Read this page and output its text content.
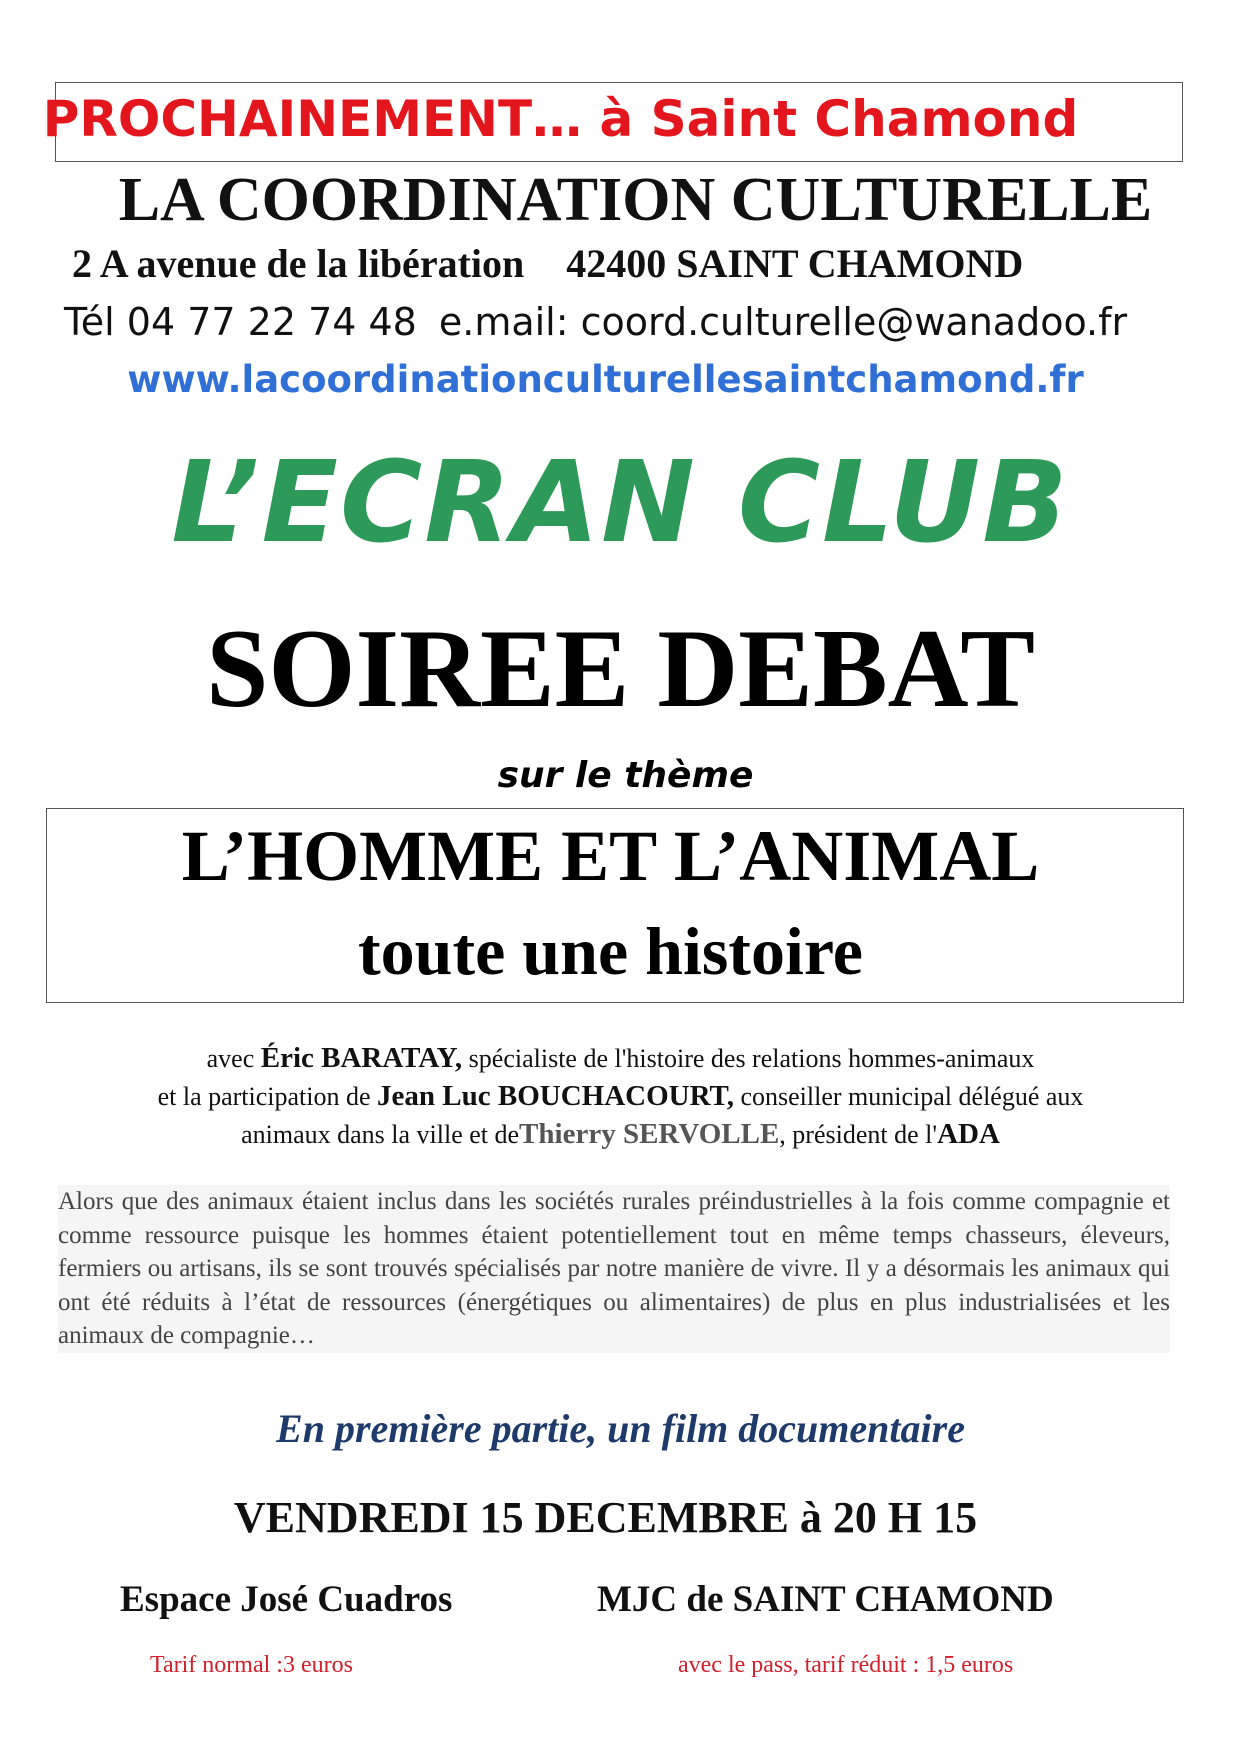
PROCHAINEMENT… à Saint Chamond

LA COORDINATION CULTURELLE

2 A avenue de la libération 42400 SAINT CHAMOND

Tél 04 77 22 74 48 e.mail: coord.culturelle@wanadoo.fr

www.lacoordinationculturellesaintchamond.fr

L’ECRAN CLUB

SOIREE DEBAT

sur le thème

L’HOMME ET L’ANIMAL

toute une histoire

avec Éric BARATAY, spécialiste de l'histoire des relations hommes-animaux

et la participation de Jean Luc BOUCHACOURT, conseiller municipal délégué aux

animaux dans la ville et deThierry SERVOLLE, président de l'ADA

Alors que des animaux étaient inclus dans les sociétés rurales préindustrielles à la fois comme compagnie et comme ressource puisque les hommes étaient potentiellement tout en même temps chasseurs, éleveurs, fermiers ou artisans, ils se sont trouvés spécialisés par notre manière de vivre. Il y a désormais les animaux qui ont été réduits à l’état de ressources (énergétiques ou alimentaires) de plus en plus industrialisées et les animaux de compagnie…

En première partie, un film documentaire

VENDREDI 15 DECEMBRE à 20 H 15

Espace José Cuadros	MJC de SAINT CHAMOND

Tarif normal :3 euros	avec le pass, tarif réduit : 1,5 euros
